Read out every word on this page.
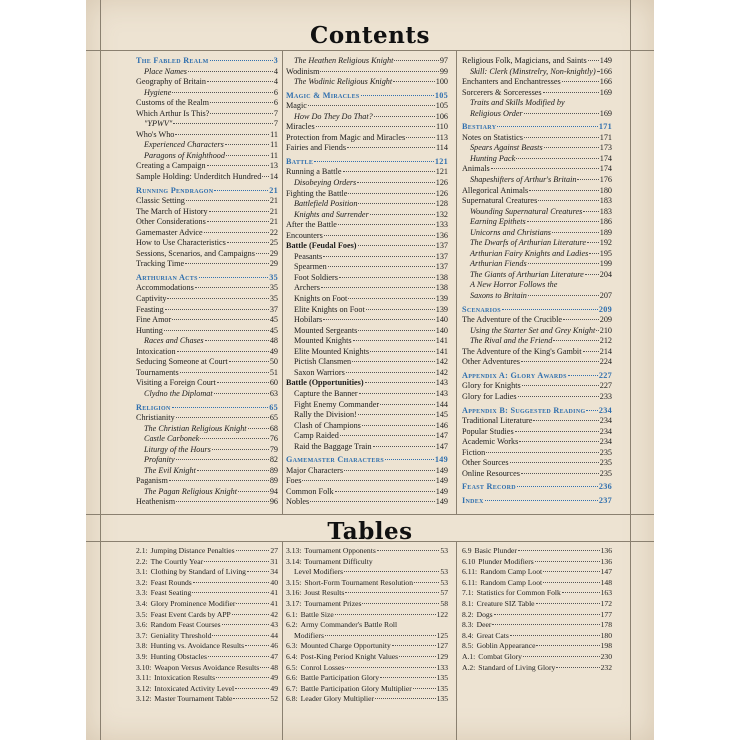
Contents
The Fabled Realm	3
Place Names	4
Geography of Britain	4
Hygiene	6
Customs of the Realm	6
Which Arthur Is This?	7
"YPWV"	7
Who's Who	11
Experienced Characters	11
Paragons of Knighthood	11
Creating a Campaign	13
Sample Holding: Underditch Hundred 14
Running Pendragon	21
Classic Setting	21
The March of History	21
Other Considerations	21
Gamemaster Advice	22
How to Use Characteristics	25
Sessions, Scenarios, and Campaigns 29
Tracking Time	29
Arthurian Acts	35
Accommodations	35
Captivity	35
Feasting	37
Fine Amor	45
Hunting	45
Races and Chases	48
Intoxication	49
Seducing Someone at Court	50
Tournaments	51
Visiting a Foreign Court	60
Clydno the Diplomat	63
Religion	65
Christianity	65
The Christian Religious Knight	68
Castle Carbonek	76
Liturgy of the Hours	79
Profanity	82
The Evil Knight	89
Paganism	89
The Pagan Religious Knight	94
Heathenism	96
The Heathen Religious Knight	97
Wodinism	99
The Wodinic Religious Knight	100
Magic & Miracles	105
Magic	105
How Do They Do That?	106
Miracles	110
Protection from Magic and Miracles	113
Fairies and Fiends	114
Battle	121
Running a Battle	121
Disobeying Orders	126
Fighting the Battle	126
Battlefield Position	128
Knights and Surrender	132
After the Battle	133
Encounters	136
Battle (Feudal Foes)	137
Peasants	137
Spearmen	137
Foot Soldiers	138
Archers	138
Knights on Foot	139
Elite Knights on Foot	139
Hobilars	140
Mounted Sergeants	140
Mounted Knights	141
Elite Mounted Knights	141
Pictish Clansmen	142
Saxon Warriors	142
Battle (Opportunities)	143
Capture the Banner	143
Fight Enemy Commander	144
Rally the Division!	145
Clash of Champions	146
Camp Raided	147
Raid the Baggage Train	147
Gamemaster Characters	149
Major Characters	149
Foes	149
Common Folk	149
Nobles	149
Religious Folk, Magicians, and Saints 149
Skill: Clerk (Minstrelry, Non-knightly) 166
Enchanters and Enchantresses	166
Sorcerers & Sorceresses	169
Traits and Skills Modified by
Religious Order	169
Bestiary	171
Notes on Statistics	171
Spears Against Beasts	173
Hunting Pack	174
Animals	174
Shapeshifters of Arthur's Britain	176
Allegorical Animals	180
Supernatural Creatures	183
Wounding Supernatural Creatures 183
Earning Epithets	186
Unicorns and Christians	189
The Dwarfs of Arthurian Literature 192
Arthurian Fairy Knights and Ladies 195
Arthurian Fiends	199
The Giants of Arthurian Literature 204
A New Horror Follows the
Saxons to Britain	207
Scenarios	209
The Adventure of the Crucible	209
Using the Starter Set and Grey Knight 210
The Rival and the Friend	212
The Adventure of the King's Gambit 214
Other Adventures	224
Appendix A: Glory Awards	227
Glory for Knights	227
Glory for Ladies	233
Appendix B: Suggested Reading 234
Traditional Literature	234
Popular Studies	234
Academic Works	234
Fiction	235
Other Sources	235
Online Resources	235
Feast Record	236
Index	237
Tables
2.1: Jumping Distance Penalties	27
2.2: The Courtly Year	31
3.1: Clothing by Standard of Living	34
3.2: Feast Rounds	40
3.3: Feast Seating	41
3.4: Glory Prominence Modifier	41
3.5: Feast Event Cards by APP	42
3.6: Random Feast Courses	43
3.7: Geniality Threshold	44
3.8: Hunting vs. Avoidance Results	46
3.9: Hunting Obstacles	47
3.10: Weapon Versus Avoidance Results 48
3.11: Intoxication Results	49
3.12: Intoxicated Activity Level	49
3.12: Master Tournament Table	52
3.13: Tournament Opponents	53
3.14: Tournament Difficulty
Level Modifiers	53
3.15: Short-Form Tournament Resolution	53
3.16: Joust Results	57
3.17: Tournament Prizes	58
6.1: Battle Size	122
6.2: Army Commander's Battle Roll
Modifiers	125
6.3: Mounted Charge Opportunity	127
6.4: Post-King Period Knight Values	129
6.5: Conrol Losses	133
6.6: Battle Participation Glory	135
6.7: Battle Participation Glory Multiplier	135
6.8: Leader Glory Multiplier	135
6.9 Basic Plunder	136
6.10 Plunder Modifiers	136
6.11: Random Camp Loot	147
6.11: Random Camp Loot	148
7.1: Statistics for Common Folk	163
8.1: Creature SIZ Table	172
8.2: Dogs	177
8.3: Deer	178
8.4: Great Cats	180
8.5: Goblin Appearance	198
A.1: Combat Glory	230
A.2: Standard of Living Glory	232
